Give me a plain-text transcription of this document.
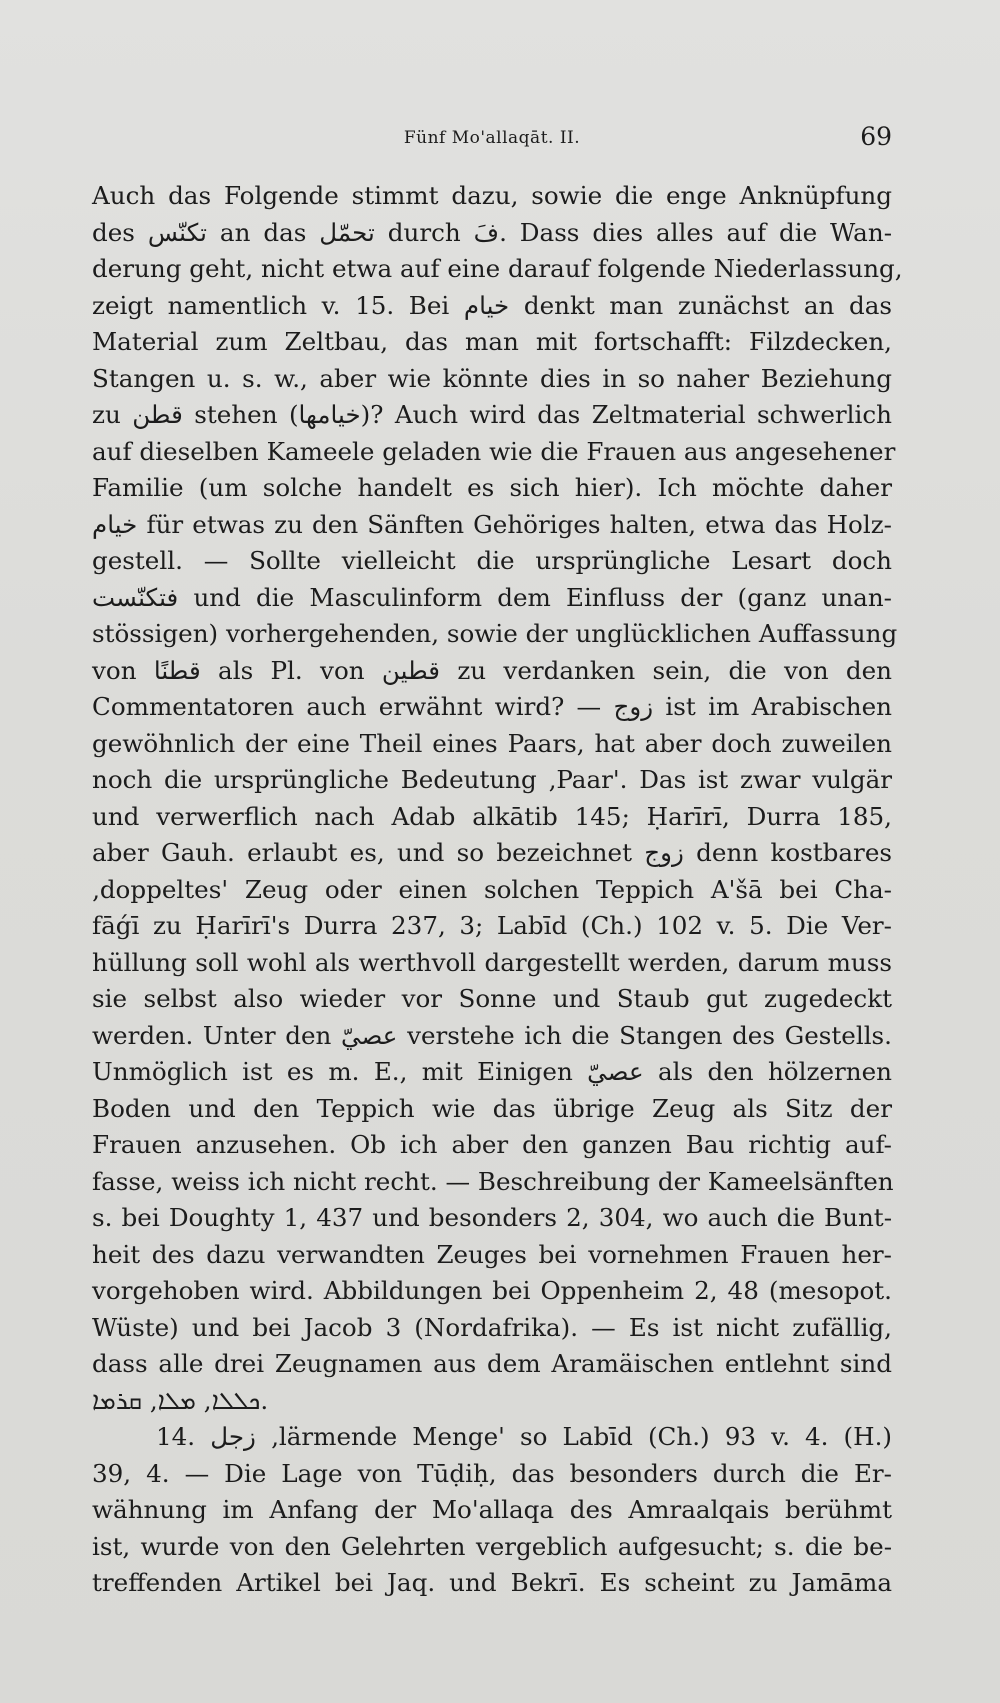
Fünf Mo'allaqāt. II.	69
Auch das Folgende stimmt dazu, sowie die enge Anknüpfung
des تكنّس an das تحمّل durch فَ. Dass dies alles auf die Wan-
derung geht, nicht etwa auf eine darauf folgende Niederlassung,
zeigt namentlich v. 15. Bei خيام denkt man zunächst an das
Material zum Zeltbau, das man mit fortschafft: Filzdecken,
Stangen u. s. w., aber wie könnte dies in so naher Beziehung
zu قطن stehen (خيامها)? Auch wird das Zeltmaterial schwerlich
auf dieselben Kameele geladen wie die Frauen aus angesehener
Familie (um solche handelt es sich hier). Ich möchte daher
خيام für etwas zu den Sänften Gehöriges halten, etwa das Holz-
gestell. — Sollte vielleicht die ursprüngliche Lesart doch
فتكنّست und die Masculinform dem Einfluss der (ganz unan-
stössigen) vorhergehenden, sowie der unglücklichen Auffassung
von قطنًا als Pl. von قطين zu verdanken sein, die von den
Commentatoren auch erwähnt wird? — زوج ist im Arabischen
gewöhnlich der eine Theil eines Paars, hat aber doch zuweilen
noch die ursprüngliche Bedeutung ‚Paar'. Das ist zwar vulgär
und verwerflich nach Adab alkātib 145; Ḥarīrī, Durra 185,
aber Gauh. erlaubt es, und so bezeichnet زوج denn kostbares
‚doppeltes' Zeug oder einen solchen Teppich A'šā bei Cha-
fāǵī zu Ḥarīrī's Durra 237, 3; Labīd (Ch.) 102 v. 5. Die Ver-
hüllung soll wohl als werthvoll dargestellt werden, darum muss
sie selbst also wieder vor Sonne und Staub gut zugedeckt
werden. Unter den عصيّ verstehe ich die Stangen des Gestells.
Unmöglich ist es m. E., mit Einigen عصيّ als den hölzernen
Boden und den Teppich wie das übrige Zeug als Sitz der
Frauen anzusehen. Ob ich aber den ganzen Bau richtig auf-
fasse, weiss ich nicht recht. — Beschreibung der Kameelsänften
s. bei Doughty 1, 437 und besonders 2, 304, wo auch die Bunt-
heit des dazu verwandten Zeuges bei vornehmen Frauen her-
vorgehoben wird. Abbildungen bei Oppenheim 2, 48 (mesopot.
Wüste) und bei Jacob 3 (Nordafrika). — Es ist nicht zufällig,
dass alle drei Zeugnamen aus dem Aramäischen entlehnt sind
ܟܠܠܐ, ܡܠܐ, ܩܪܡܐ.
14. زجل ‚lärmende Menge' so Labīd (Ch.) 93 v. 4. (H.)
39, 4. — Die Lage von Tūḍiḥ, das besonders durch die Er-
wähnung im Anfang der Mo'allaqa des Amraalqais berühmt
ist, wurde von den Gelehrten vergeblich aufgesucht; s. die be-
treffenden Artikel bei Jaq. und Bekrī. Es scheint zu Jamāma
